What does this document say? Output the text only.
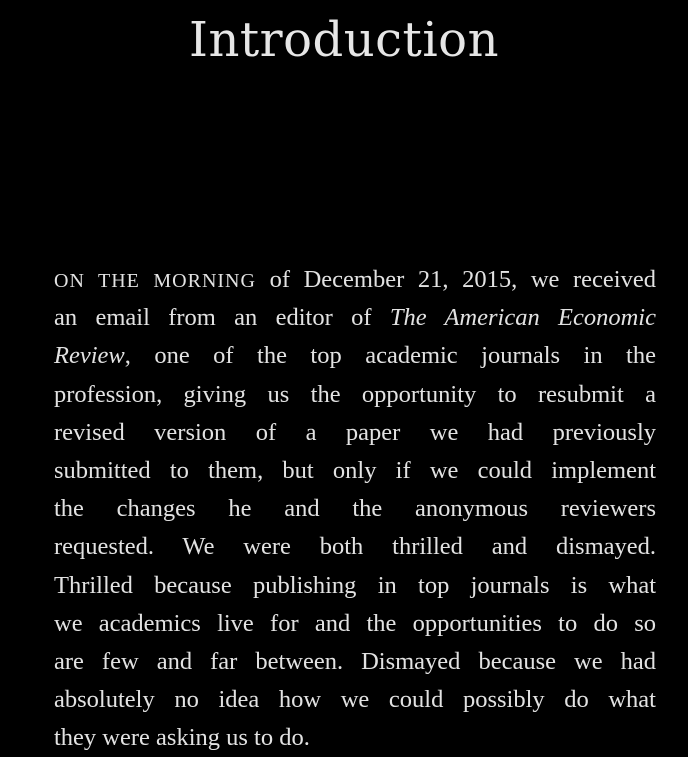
Introduction
ON THE MORNING of December 21, 2015, we received
an email from an editor of The American Economic
Review, one of the top academic journals in the
profession, giving us the opportunity to resubmit a
revised version of a paper we had previously
submitted to them, but only if we could implement
the changes he and the anonymous reviewers
requested. We were both thrilled and dismayed.
Thrilled because publishing in top journals is what
we academics live for and the opportunities to do so
are few and far between. Dismayed because we had
absolutely no idea how we could possibly do what
they were asking us to do.
